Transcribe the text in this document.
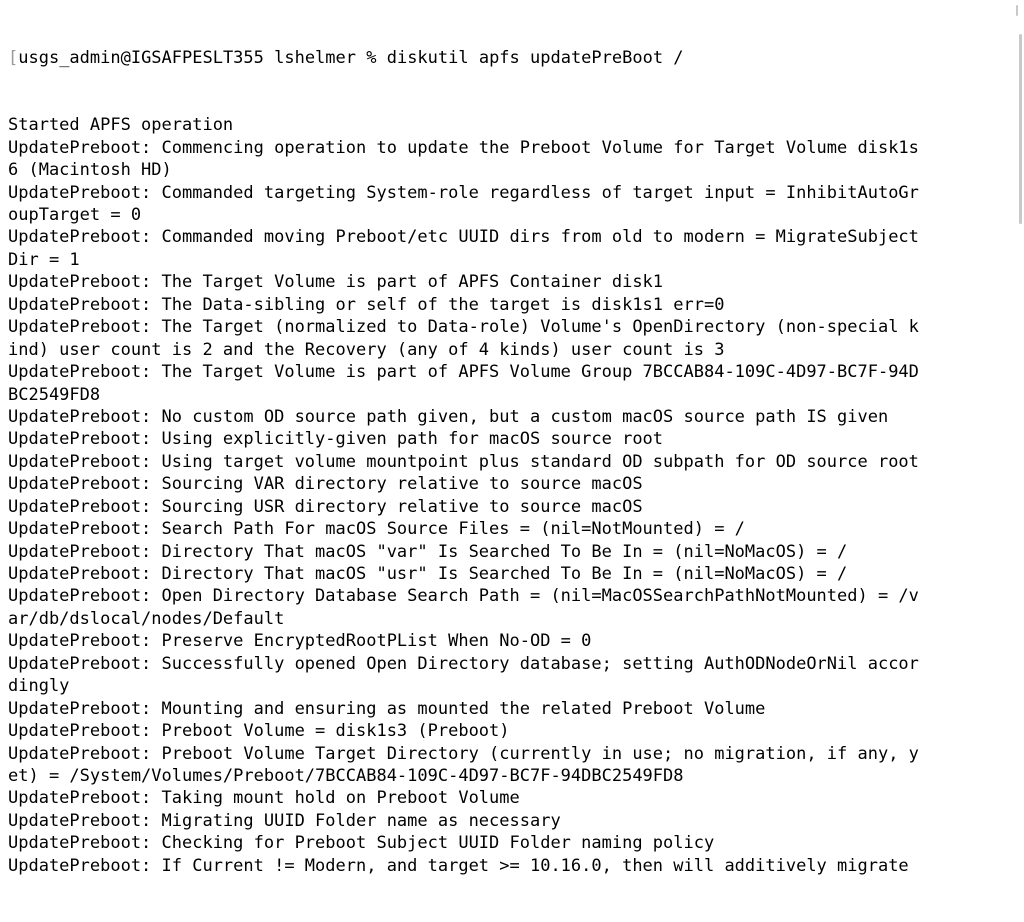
[usgs_admin@IGSAFPESLT355 lshelmer % diskutil apfs updatePreBoot /

Started APFS operation
UpdatePreboot: Commencing operation to update the Preboot Volume for Target Volume disk1s
6 (Macintosh HD)
UpdatePreboot: Commanded targeting System-role regardless of target input = InhibitAutoGr
oupTarget = 0
UpdatePreboot: Commanded moving Preboot/etc UUID dirs from old to modern = MigrateSubject
Dir = 1
UpdatePreboot: The Target Volume is part of APFS Container disk1
UpdatePreboot: The Data-sibling or self of the target is disk1s1 err=0
UpdatePreboot: The Target (normalized to Data-role) Volume's OpenDirectory (non-special k
ind) user count is 2 and the Recovery (any of 4 kinds) user count is 3
UpdatePreboot: The Target Volume is part of APFS Volume Group 7BCCAB84-109C-4D97-BC7F-94D
BC2549FD8
UpdatePreboot: No custom OD source path given, but a custom macOS source path IS given
UpdatePreboot: Using explicitly-given path for macOS source root
UpdatePreboot: Using target volume mountpoint plus standard OD subpath for OD source root
UpdatePreboot: Sourcing VAR directory relative to source macOS
UpdatePreboot: Sourcing USR directory relative to source macOS
UpdatePreboot: Search Path For macOS Source Files = (nil=NotMounted) = /
UpdatePreboot: Directory That macOS "var" Is Searched To Be In = (nil=NoMacOS) = /
UpdatePreboot: Directory That macOS "usr" Is Searched To Be In = (nil=NoMacOS) = /
UpdatePreboot: Open Directory Database Search Path = (nil=MacOSSearchPathNotMounted) = /v
ar/db/dslocal/nodes/Default
UpdatePreboot: Preserve EncryptedRootPList When No-OD = 0
UpdatePreboot: Successfully opened Open Directory database; setting AuthODNodeOrNil accor
dingly
UpdatePreboot: Mounting and ensuring as mounted the related Preboot Volume
UpdatePreboot: Preboot Volume = disk1s3 (Preboot)
UpdatePreboot: Preboot Volume Target Directory (currently in use; no migration, if any, y
et) = /System/Volumes/Preboot/7BCCAB84-109C-4D97-BC7F-94DBC2549FD8
UpdatePreboot: Taking mount hold on Preboot Volume
UpdatePreboot: Migrating UUID Folder name as necessary
UpdatePreboot: Checking for Preboot Subject UUID Folder naming policy
UpdatePreboot: If Current != Modern, and target >= 10.16.0, then will additively migrate
